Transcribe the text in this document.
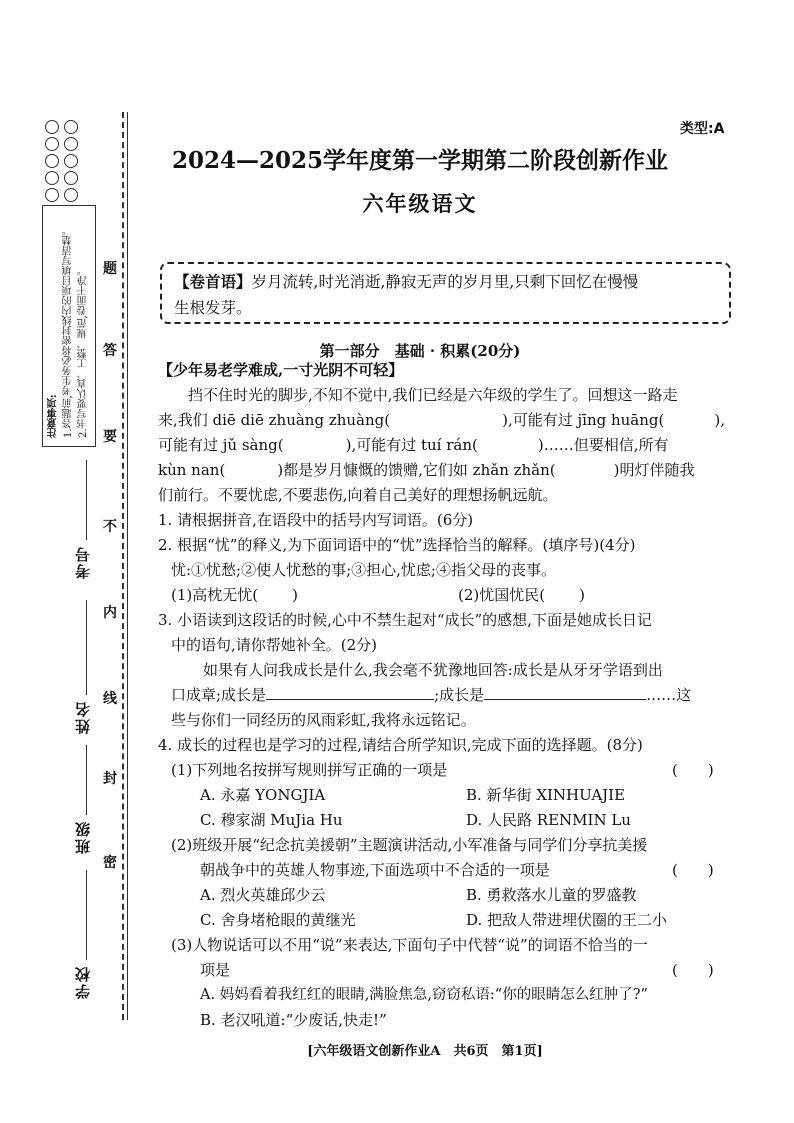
题
答
要
不
内
线
封
密
注意事项: 1.答题前,考生务必将密封线内的项目填写清楚。 2.书写要认真、工整、规范,卷面干净。
考号
姓名
班级
学校
类型:A
2024—2025学年度第一学期第二阶段创新作业
六年级语文
【卷首语】岁月流转,时光消逝,静寂无声的岁月里,只剩下回忆在慢慢
生根发芽。
第一部分　基础 · 积累(20分)
【少年易老学难成,一寸光阴不可轻】
挡不住时光的脚步,不知不觉中,我们已经是六年级的学生了。回想这一路走
来,我们 diē diē zhuàng zhuàng(	),可能有过 jīng huāng(	),
可能有过 jǔ sàng(	),可能有过 tuí rán(	)……但要相信,所有
kùn nan(	)都是岁月慷慨的馈赠,它们如 zhǎn zhǎn(	)明灯伴随我
们前行。不要忧虑,不要悲伤,向着自己美好的理想扬帆远航。
1. 请根据拼音,在语段中的括号内写词语。(6分)
2. 根据“忧”的释义,为下面词语中的“忧”选择恰当的解释。(填序号)(4分)
忧:①忧愁;②使人忧愁的事;③担心,忧虑;④指父母的丧事。
(1)高枕无忧( )	(2)忧国忧民( )
3. 小语读到这段话的时候,心中不禁生起对“成长”的感想,下面是她成长日记
中的语句,请你帮她补全。(2分)
如果有人问我成长是什么,我会毫不犹豫地回答:成长是从牙牙学语到出
口成章;成长是	;成长是	……这
些与你们一同经历的风雨彩虹,我将永远铭记。
4. 成长的过程也是学习的过程,请结合所学知识,完成下面的选择题。(8分)
(1)下列地名按拼写规则拼写正确的一项是	(　　)
A. 永嘉 YONGJIA	B. 新华街 XINHUAJIE
C. 穆家湖 MuJia Hu	D. 人民路 RENMIN Lu
(2)班级开展“纪念抗美援朝”主题演讲活动,小军准备与同学们分享抗美援
朝战争中的英雄人物事迹,下面选项中不合适的一项是	(　　)
A. 烈火英雄邱少云	B. 勇救落水儿童的罗盛教
C. 舍身堵枪眼的黄继光	D. 把敌人带进埋伏圈的王二小
(3)人物说话可以不用“说”来表达,下面句子中代替“说”的词语不恰当的一
项是	(　　)
A. 妈妈看着我红红的眼睛,满脸焦急,窃窃私语:“你的眼睛怎么红肿了?”
B. 老汉吼道:“少废话,快走!”
[六年级语文创新作业A　共6页　第1页]
